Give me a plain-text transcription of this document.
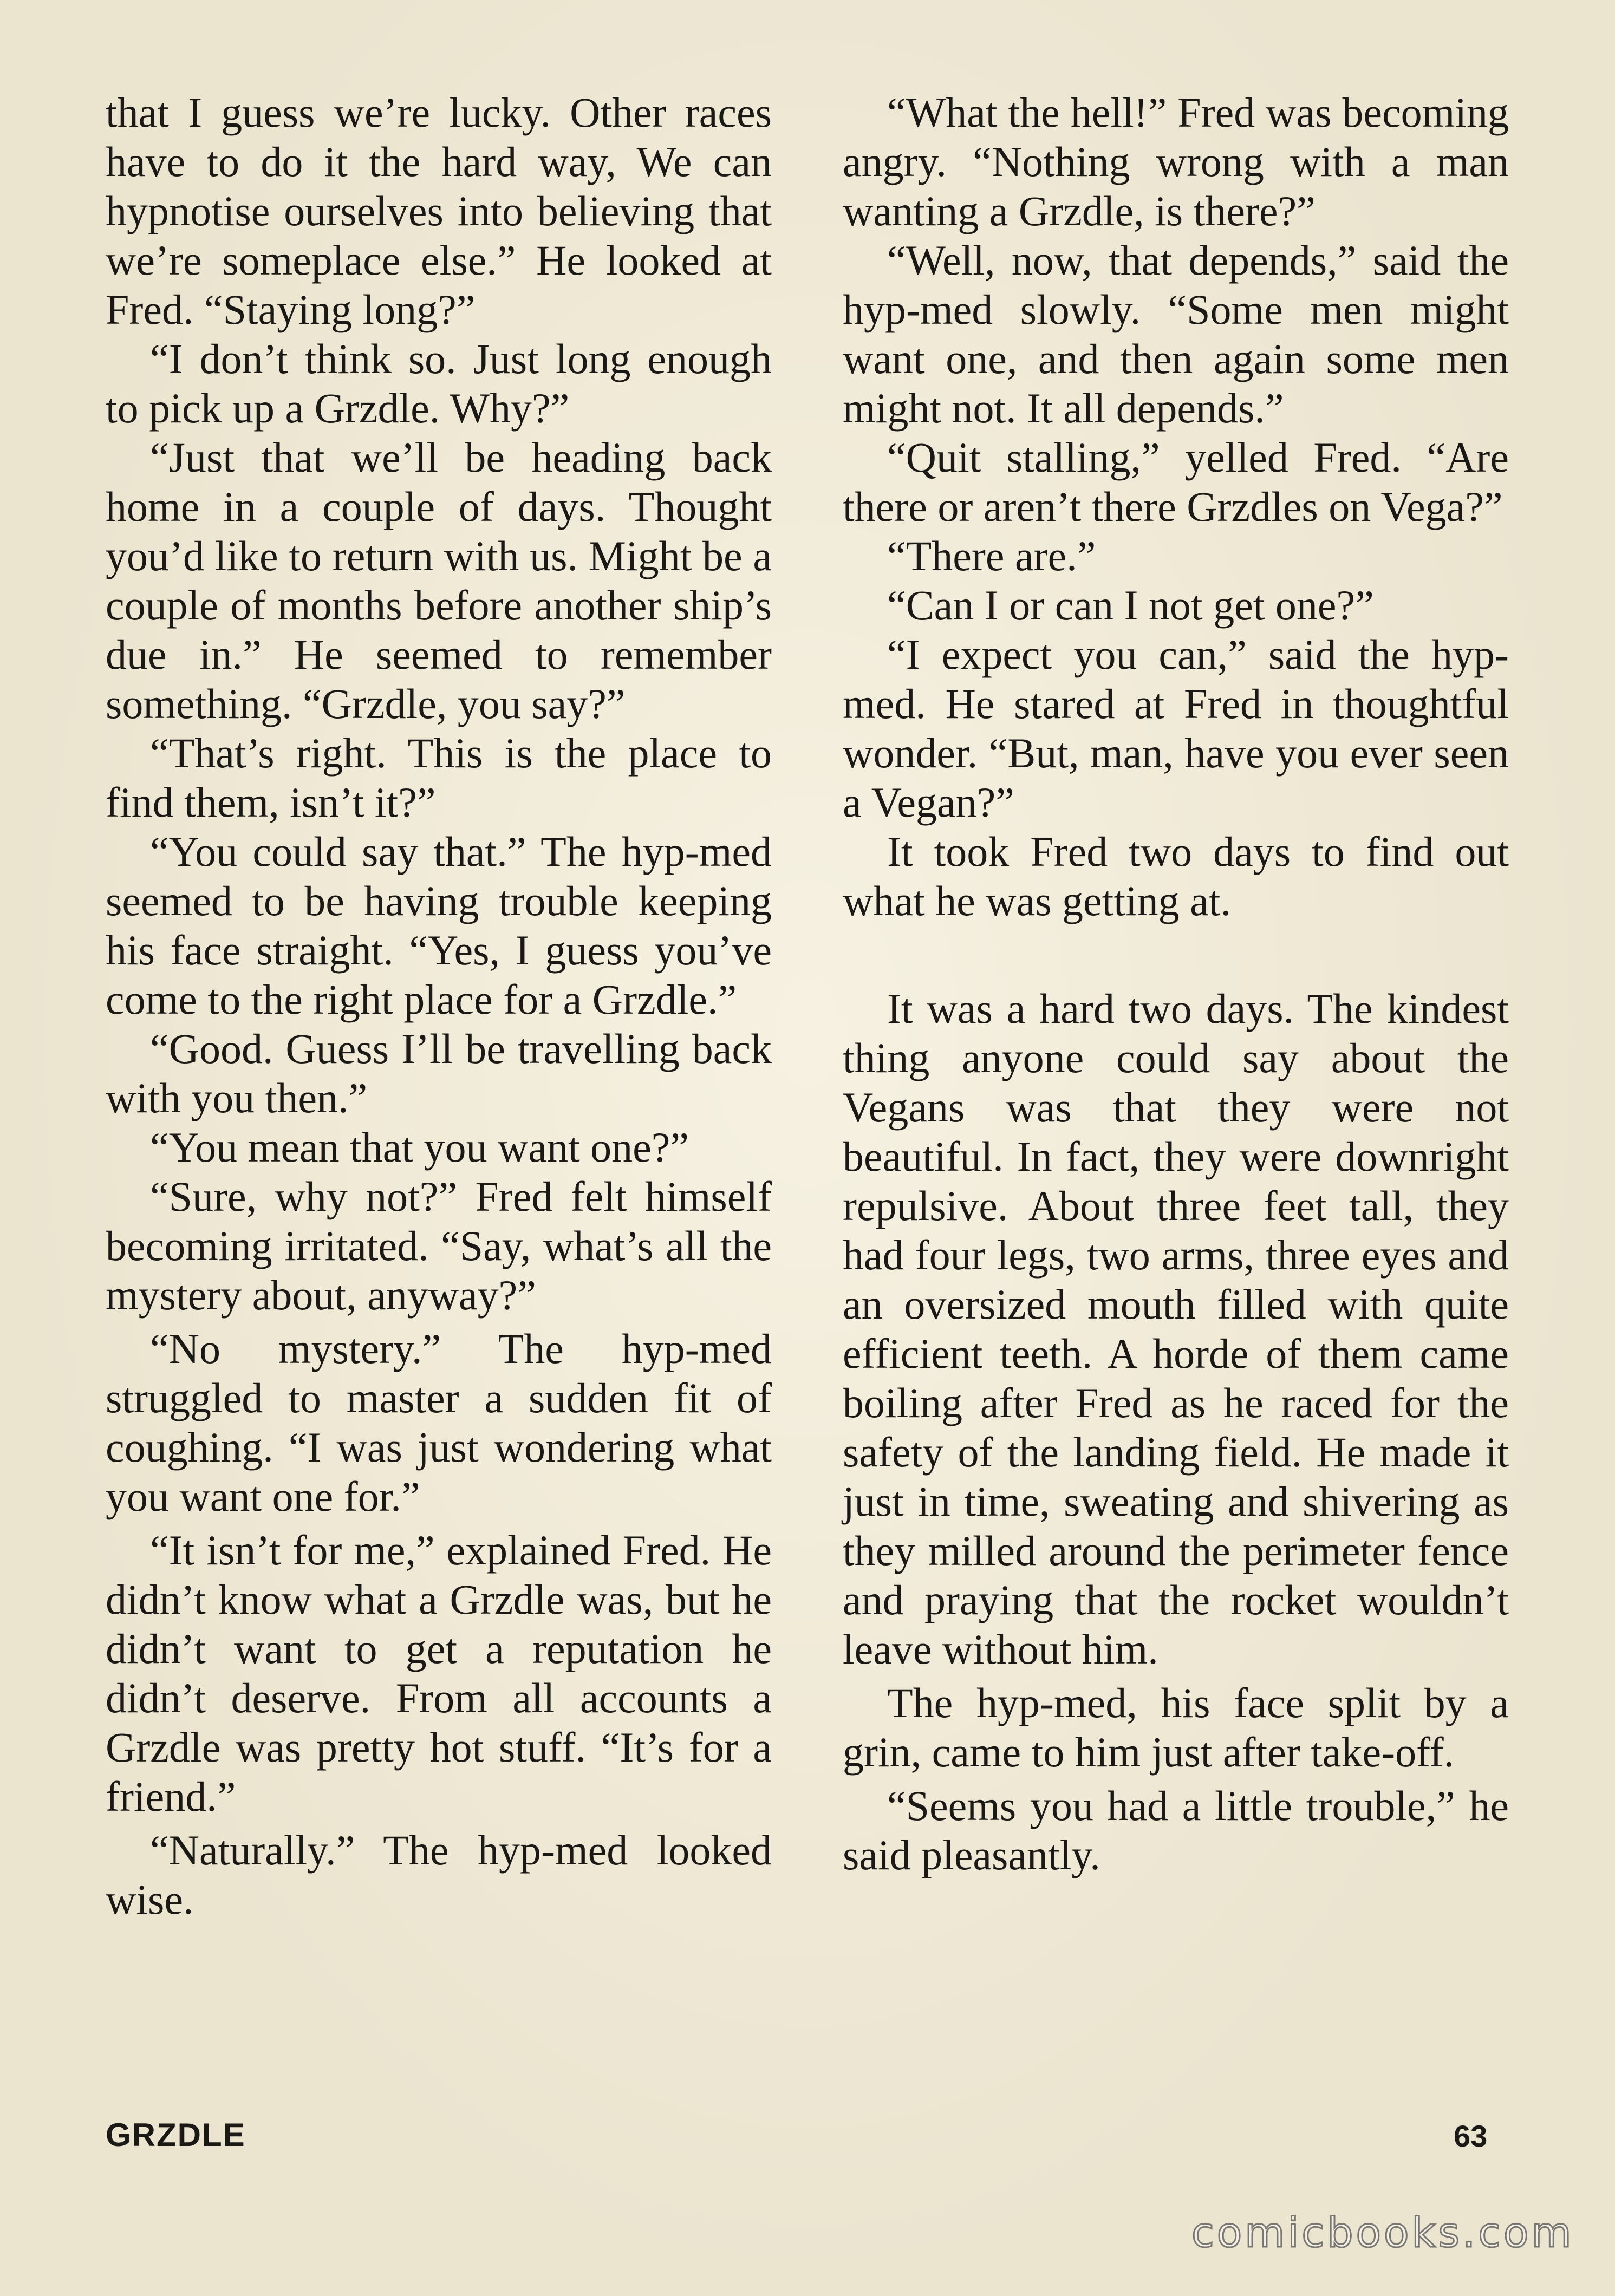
that I guess we’re lucky. Other races have to do it the hard way, We can hypnotise ourselves into believing that we’re someplace else.” He looked at Fred. “Staying long?”

“I don’t think so. Just long enough to pick up a Grzdle. Why?”

“Just that we’ll be heading back home in a couple of days. Thought you’d like to return with us. Might be a couple of months before another ship’s due in.” He seemed to remember something. “Grzdle, you say?”

“That’s right. This is the place to find them, isn’t it?”

“You could say that.” The hyp-med seemed to be having trouble keeping his face straight. “Yes, I guess you’ve come to the right place for a Grzdle.”

“Good. Guess I’ll be travelling back with you then.”

“You mean that you want one?”

“Sure, why not?” Fred felt himself becoming irritated. “Say, what’s all the mystery about, anyway?”

“No mystery.” The hyp-med struggled to master a sudden fit of coughing. “I was just wondering what you want one for.”

“It isn’t for me,” explained Fred. He didn’t know what a Grzdle was, but he didn’t want to get a reputation he didn’t deserve. From all accounts a Grzdle was pretty hot stuff. “It’s for a friend.”

“Naturally.” The hyp-med looked wise.

“What the hell!” Fred was becoming angry. “Nothing wrong with a man wanting a Grzdle, is there?”

“Well, now, that depends,” said the hyp-med slowly. “Some men might want one, and then again some men might not. It all depends.”

“Quit stalling,” yelled Fred. “Are there or aren’t there Grzdles on Vega?”

“There are.”

“Can I or can I not get one?”

“I expect you can,” said the hyp-med. He stared at Fred in thoughtful wonder. “But, man, have you ever seen a Vegan?”

It took Fred two days to find out what he was getting at.

It was a hard two days. The kindest thing anyone could say about the Vegans was that they were not beautiful. In fact, they were downright repulsive. About three feet tall, they had four legs, two arms, three eyes and an oversized mouth filled with quite efficient teeth. A horde of them came boiling after Fred as he raced for the safety of the landing field. He made it just in time, sweating and shivering as they milled around the perimeter fence and praying that the rocket wouldn’t leave without him.

The hyp-med, his face split by a grin, came to him just after take-off.

“Seems you had a little trouble,” he said pleasantly.

GRZDLE	63
comicbooks.com
